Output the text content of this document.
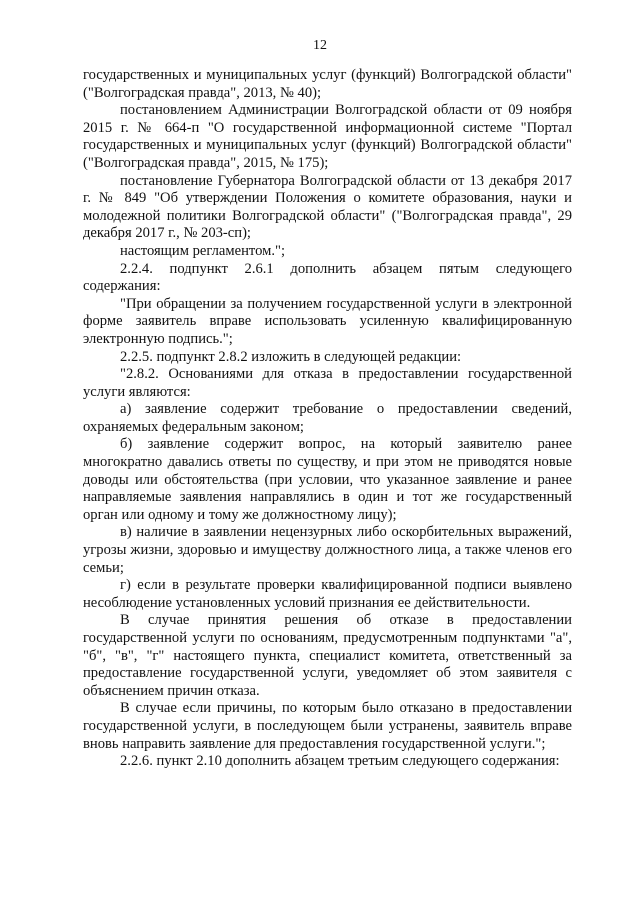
12

государственных и муниципальных услуг (функций) Волгоградской области" ("Волгоградская правда", 2013, № 40);

постановлением Администрации Волгоградской области от 09 ноября 2015 г. № 664-п "О государственной информационной системе "Портал государственных и муниципальных услуг (функций) Волгоградской области" ("Волгоградская правда", 2015, № 175);

постановление Губернатора Волгоградской области от 13 декабря 2017 г. № 849 "Об утверждении Положения о комитете образования, науки и молодежной политики Волгоградской области" ("Волгоградская правда", 29 декабря 2017 г., № 203-сп);

настоящим регламентом.";

2.2.4. подпункт 2.6.1 дополнить абзацем пятым следующего содержания:

"При обращении за получением государственной услуги в электронной форме заявитель вправе использовать усиленную квалифицированную электронную подпись.";

2.2.5. подпункт 2.8.2 изложить в следующей редакции:

"2.8.2. Основаниями для отказа в предоставлении государственной услуги являются:

а) заявление содержит требование о предоставлении сведений, охраняемых федеральным законом;

б) заявление содержит вопрос, на который заявителю ранее многократно давались ответы по существу, и при этом не приводятся новые доводы или обстоятельства (при условии, что указанное заявление и ранее направляемые заявления направлялись в один и тот же государственный орган или одному и тому же должностному лицу);

в) наличие в заявлении нецензурных либо оскорбительных выражений, угрозы жизни, здоровью и имуществу должностного лица, а также членов его семьи;

г) если в результате проверки квалифицированной подписи выявлено несоблюдение установленных условий признания ее действительности.

В случае принятия решения об отказе в предоставлении государственной услуги по основаниям, предусмотренным подпунктами "а", "б", "в", "г" настоящего пункта, специалист комитета, ответственный за предоставление государственной услуги, уведомляет об этом заявителя с объяснением причин отказа.

В случае если причины, по которым было отказано в предоставлении государственной услуги, в последующем были устранены, заявитель вправе вновь направить заявление для предоставления государственной услуги.";

2.2.6. пункт 2.10 дополнить абзацем третьим следующего содержания:
